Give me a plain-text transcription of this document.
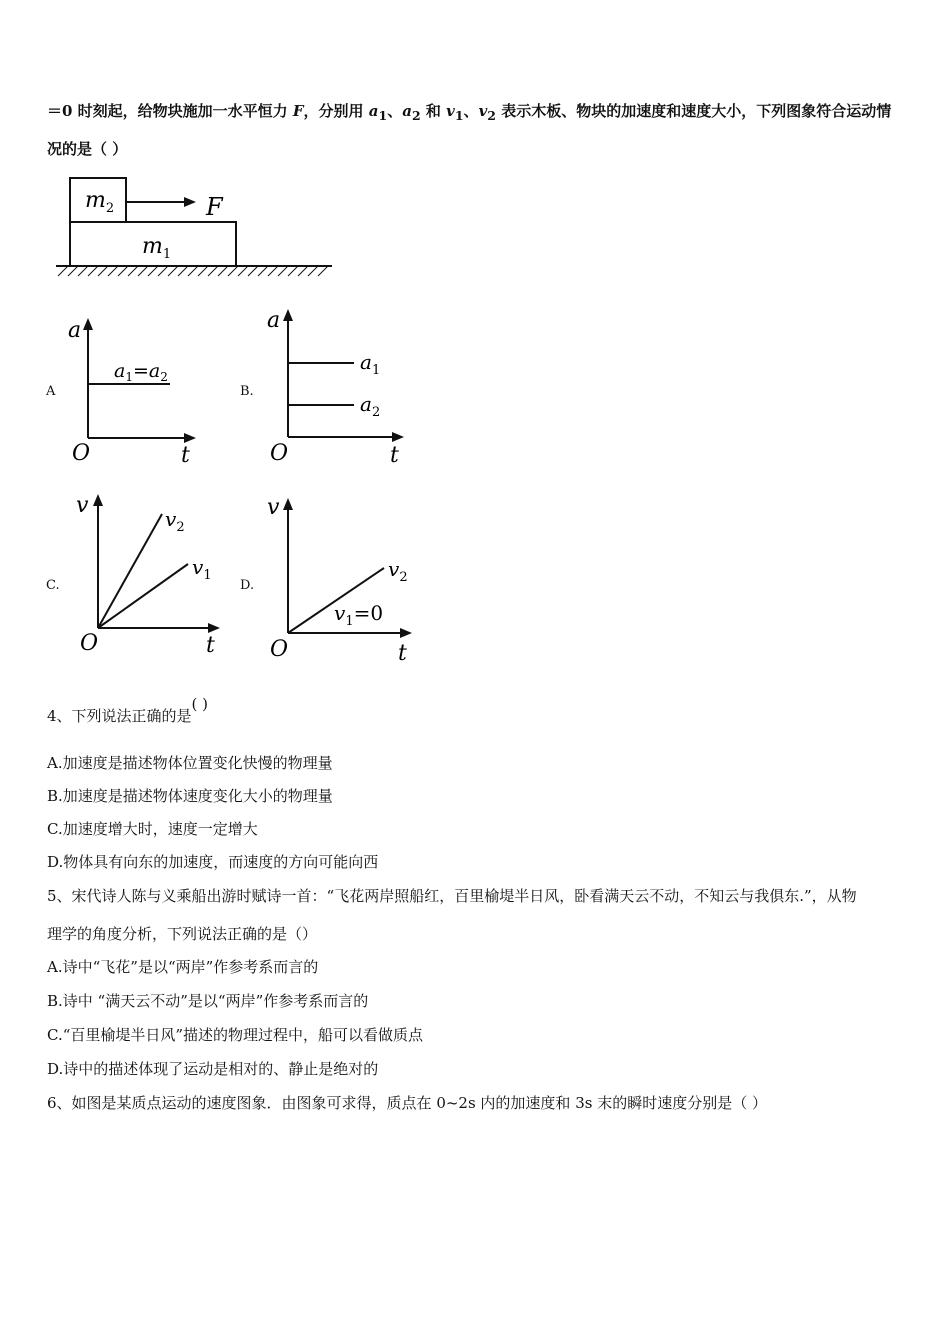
＝0 时刻起，给物块施加一水平恒力 F，分别用 $a_1$、$a_2$ 和 $v_1$、$v_2$ 表示木板、物块的加速度和速度大小，下列图象符合运动情
况的是（ ）
$m_2$
$m_1$
F
A
a
O	t
$a_1=a_2$
B.
a
O	t
$a_1$
$a_2$
C.
v
O	t
$v_2$
$v_1$
D.
v
O	t
$v_2$
$v_1=0$
4、下列说法正确的是( )
A.加速度是描述物体位置变化快慢的物理量
B.加速度是描述物体速度变化大小的物理量
C.加速度增大时，速度一定增大
D.物体具有向东的加速度，而速度的方向可能向西
5、宋代诗人陈与义乘船出游时赋诗一首：“飞花两岸照船红，百里榆堤半日风，卧看满天云不动，不知云与我俱东.”，从物
理学的角度分析，下列说法正确的是（）
A.诗中“飞花”是以“两岸”作参考系而言的
B.诗中 “满天云不动”是以“两岸”作参考系而言的
C.“百里榆堤半日风”描述的物理过程中，船可以看做质点
D.诗中的描述体现了运动是相对的、静止是绝对的
6、如图是某质点运动的速度图象．由图象可求得，质点在 0~2s 内的加速度和 3s 末的瞬时速度分别是（ ）
